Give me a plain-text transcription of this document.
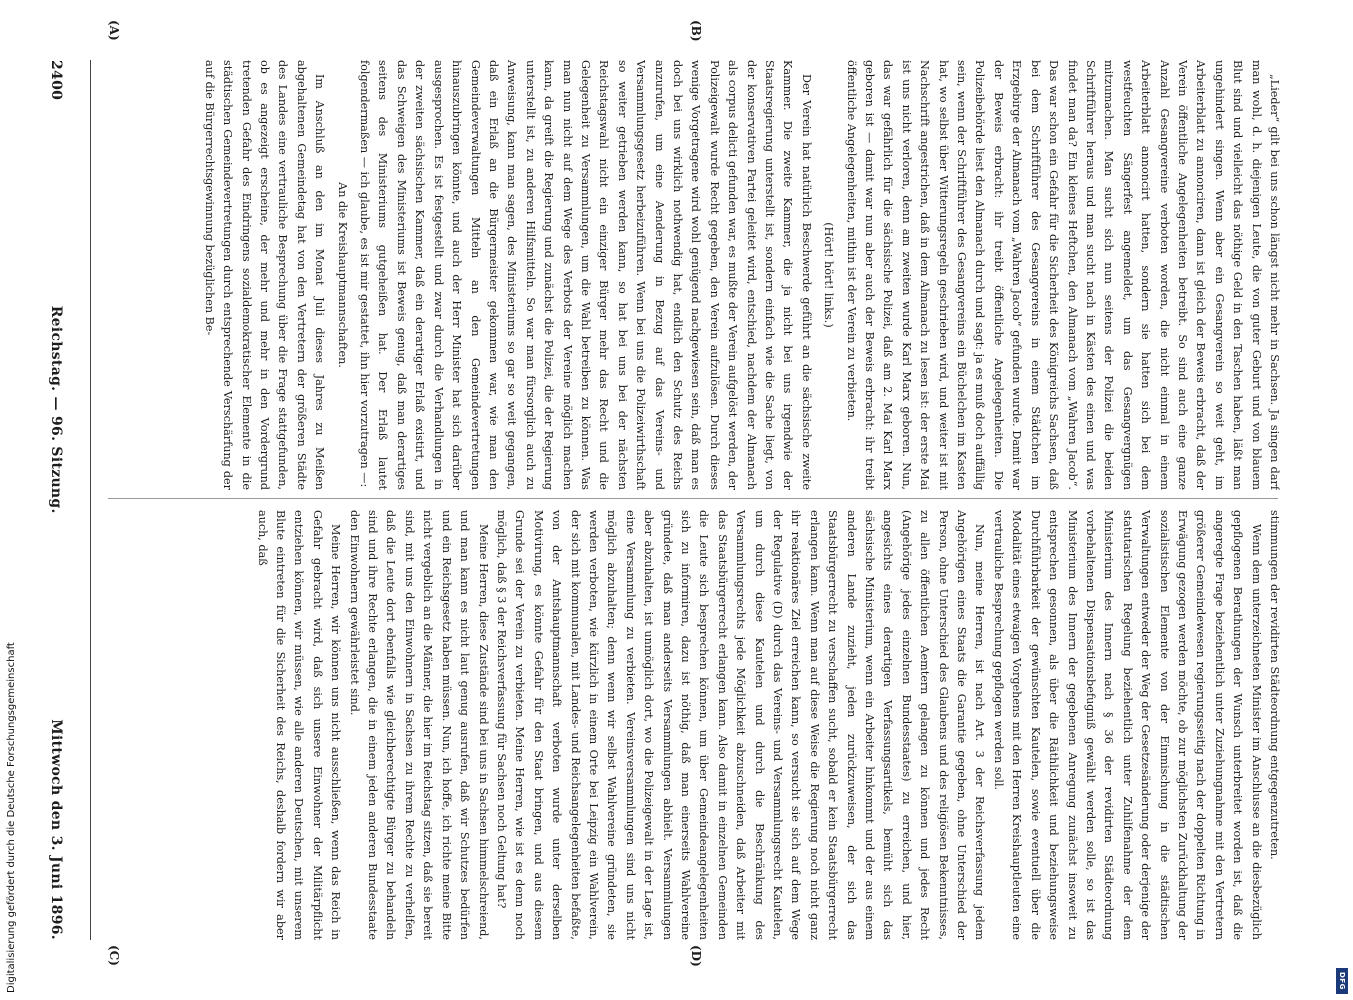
2400
Reichstag. — 96. Sitzung.
Mittwoch den 3. Juni 1896.

„Lieder“ gilt bei uns schon längst nicht mehr in Sachsen. Ja singen darf man wohl, d. h. diejenigen Leute, die von guter Geburt und von blauem Blut sind und vielleicht das nöthige Geld in den Taschen haben, läßt man ungehindert singen. Wenn aber ein Gesangverein so weit geht, im Arbeiterblatt zu annonciren, dann ist gleich der Beweis erbracht, daß der Verein öffentliche Angelegenheiten betreibt. So sind auch eine ganze Anzahl Gesangvereine verboten worden, die nicht einmal in einem Arbeiterblatt annoncirt hatten, sondern sie hatten sich bei dem westfeuchten Sängerfest angemeldet, um das Gesangvergnügen mitzumachen. Man sucht sich nun seitens der Polizei die beiden Schriftführer heraus und man sucht nach in Kästen des einen und was findet man da? Ein kleines Heftchen, den Almanach vom „Wahren Jacob“. Das war schon ein Gefahr für die Sicherheit des Königreichs Sachsen, daß bei dem Schriftführer des Gesangvereins in einem Städtchen im Erzgebirge der Almanach vom „Wahren Jacob“ gefunden wurde. Damit war der Beweis erbracht: ihr treibt öffentliche Angelegenheiten. Die Polizeibehörde liest den Almanach durch und sagt: ja es muß doch auffällig sein, wenn der Schriftführer des Gesangvereins ein Büchelchen im Kasten hat, wo selbst über Witterungsregeln geschrieben wird, und weiter ist mit Nachschrift angestrichen, daß in dem Almanach zu lesen ist: der erste Mai ist uns nicht verloren, denn am zweiten wurde Karl Marx geboren. Nun, das war gefährlich für die sächsische Polizei, daß am 2. Mai Karl Marx geboren ist — damit war nun aber auch der Beweis erbracht: ihr treibt öffentliche Angelegenheiten, mithin ist der Verein zu verbieten.

(Hört! hört! links.)

Der Verein hat natürlich Beschwerde geführt an die sächsische zweite Kammer. Die zweite Kammer, die ja nicht bei uns irgendwie der Staatsregierung unterstellt ist, sondern einfach wie die Sache liegt, von der konservativen Partei geleitet wird, entschied, nachdem der Almanach als corpus delicti gefunden war, es mußte der Verein aufgelöst werden, der Polizeigewalt wurde Recht gegeben, den Verein aufzulösen. Durch dieses wenige Vorgetragene wird wohl genügend nachgewiesen sein, daß man es doch bei uns wirklich nothwendig hat, endlich den Schutz des Reichs anzurufen, um eine Aenderung in Bezug auf das Vereins- und Versammlungsgesetz herbeizuführen. Wenn bei uns die Polizeiwirthschaft so weiter getrieben werden kann, so hat bei uns bei der nächsten Reichstagswahl nicht ein einziger Bürger mehr das Recht und die Gelegenheit zu Versammlungen, um die Wahl betreiben zu können. Was man nun nicht auf dem Wege des Verbots der Vereine möglich machen kann, da greift die Regierung und zunächst die Polizei, die der Regierung unterstellt ist, zu anderen Hilfsmitteln. So war man fürsorglich auch zu Anweisung, kann man sagen, des Ministeriums so gar so weit gegangen, daß ein Erlaß an die Bürgermeister gekommen war, wie man den Gemeindeverwaltungen Mitteln an den Gemeindevertretungen hinauszubringen könnte, und auch der Herr Minister hat sich darüber ausgesprochen. Es ist festgestellt und zwar durch die Verhandlungen in der zweiten sächsischen Kammer, daß ein derartiger Erlaß existirt, und das Schweigen des Ministeriums ist Beweis genug, daß man derartiges seitens des Ministeriums gutgeheißen hat. Der Erlaß lautet folgendermaßen — ich glaube, es ist mir gestattet, ihn hier vorzutragen —:

An die Kreishauptmannschaften.

Im Anschluß an den im Monat Juli dieses Jahres zu Meißen abgehaltenen Gemeindetag hat von den Vertretern der größeren Städte des Landes eine vertrauliche Besprechung über die Frage stattgefunden, ob es angezeigt erscheine, der mehr und mehr in den Vordergrund tretenden Gefahr des Eindringens sozialdemokratischer Elemente in die städtischen Gemeindevertretungen durch entsprechende Verschärfung der auf die Bürgerrechtsgewinnung bezüglichen Be-

stimmungen der revidirten Städteordnung entgegenzutreten.

Wenn dem unterzeichneten Minister im Anschlusse an die diesbezüglich gepflogenen Berathungen der Wunsch unterbreitet worden ist, daß die angeregte Frage beziehentlich unter Zuziehungnahme mit den Vertretern größerer Gemeindewesen regierungsseitig nach der doppelten Richtung in Erwägung gezogen werden möchte, ob zur möglichsten Zurückhaltung der sozialistischen Elemente von der Einmischung in die städtischen Verwaltungen entweder der Weg der Gesetzesänderung oder derjenige der statutarischen Regelung beziehentlich unter Zuhilfenahme der dem Ministerium des Innern nach § 36 der revidirten Städteordnung vorbehaltenen Dispensationsbefugniß gewählt werden solle, so ist das Ministerium des Innern der gegebenen Anregung zunächst insoweit zu entsprechen gesonnen, als über die Räthlichkeit und beziehungsweise Durchführbarkeit der gewünschten Kautelen, sowie eventuell über die Modalität eines etwaigen Vorgehens mit den Herren Kreishauptleuten eine vertrauliche Besprechung gepflogen werden soll.

Nun, meine Herren, ist nach Art. 3 der Reichsverfassung jedem Angehörigen eines Staats die Garantie gegeben, ohne Unterschied der Person, ohne Unterschied des Glaubens und des religiösen Bekenntnisses, zu allen öffentlichen Aemtern gelangen zu können und jedes Recht (Angehörige jedes einzelnen Bundesstaates) zu erreichen, und hier, angesichts eines derartigen Verfassungsartikels, bemüht sich das sächsische Ministerium, wenn ein Arbeiter hinkommt und der aus einem anderen Lande zuzieht, jeden zurückzuweisen, der sich das Staatsbürgerrecht zu verschaffen sucht, sobald er kein Staatsbürgerrecht erlangen kann. Wenn man auf diese Weise die Regierung noch nicht ganz ihr reaktionäres Ziel erreichen kann, so versucht sie sich auf dem Wege der Regulative (D) durch das Vereins- und Versammlungsrecht Kautelen, um durch diese Kautelen und durch die Beschränkung des Versammlungsrechts jede Möglichkeit abzuschneiden, daß Arbeiter mit das Staatsbürgerrecht erlangen kann. Also damit in einzelnen Gemeinden die Leute sich besprechen können, um über Gemeindeangelegenheiten sich zu informiren, dazu ist nöthig, daß man einerseits Wahlvereine gründete, daß man anderseits Versammlungen abhielt. Versammlungen aber abzuhalten, ist unmöglich dort, wo die Polizeigewalt in der Lage ist, eine Versammlung zu verbieten. Vereinsversammlungen sind uns nicht möglich abzuhalten; denn wenn wir selbst Wahlvereine gründeten, sie werden verboten, wie kürzlich in einem Orte bei Leipzig ein Wahlverein, der sich mit kommunalen, mit Landes- und Reichsangelegenheiten befaßte, von der Amtshauptmannschaft verboten wurde unter derselben Motivirung, es könnte Gefahr für den Staat bringen, und aus diesem Grunde sei der Verein zu verbieten. Meine Herren, wie ist es denn noch möglich, daß § 3 der Reichsverfassung für Sachsen noch Geltung hat?

Meine Herren, diese Zustände sind bei uns in Sachsen himmelschreiend, und man kann es nicht laut genug ausrufen, daß wir Schutzes bedürfen und ein Reichsgesetz haben müssen. Nun, ich hoffe, ich richte meine Bitte nicht vergeblich an die Männer, die hier im Reichstag sitzen, daß sie bereit sind, mit uns den Einwohnern in Sachsen zu ihrem Rechte zu verhelfen, daß die Leute dort ebenfalls wie gleichberechtigte Bürger zu behandeln sind und ihre Rechte erlangen, die in einem jeden anderen Bundesstaate den Einwohnern gewährleistet sind.

Meine Herren, wir können uns nicht ausschließen, wenn das Reich in Gefahr gebracht wird, daß sich unsere Einwohner der Militärpflicht entziehen können, wir müssen, wie alle anderen Deutschen, mit unserem Blute eintreten für die Sicherheit des Reichs, deshalb fordern wir aber auch, daß

(A)	(B)
(C)	(D)
Digitalisierung gefördert durch die Deutsche Forschungsgemeinschaft	DFG
